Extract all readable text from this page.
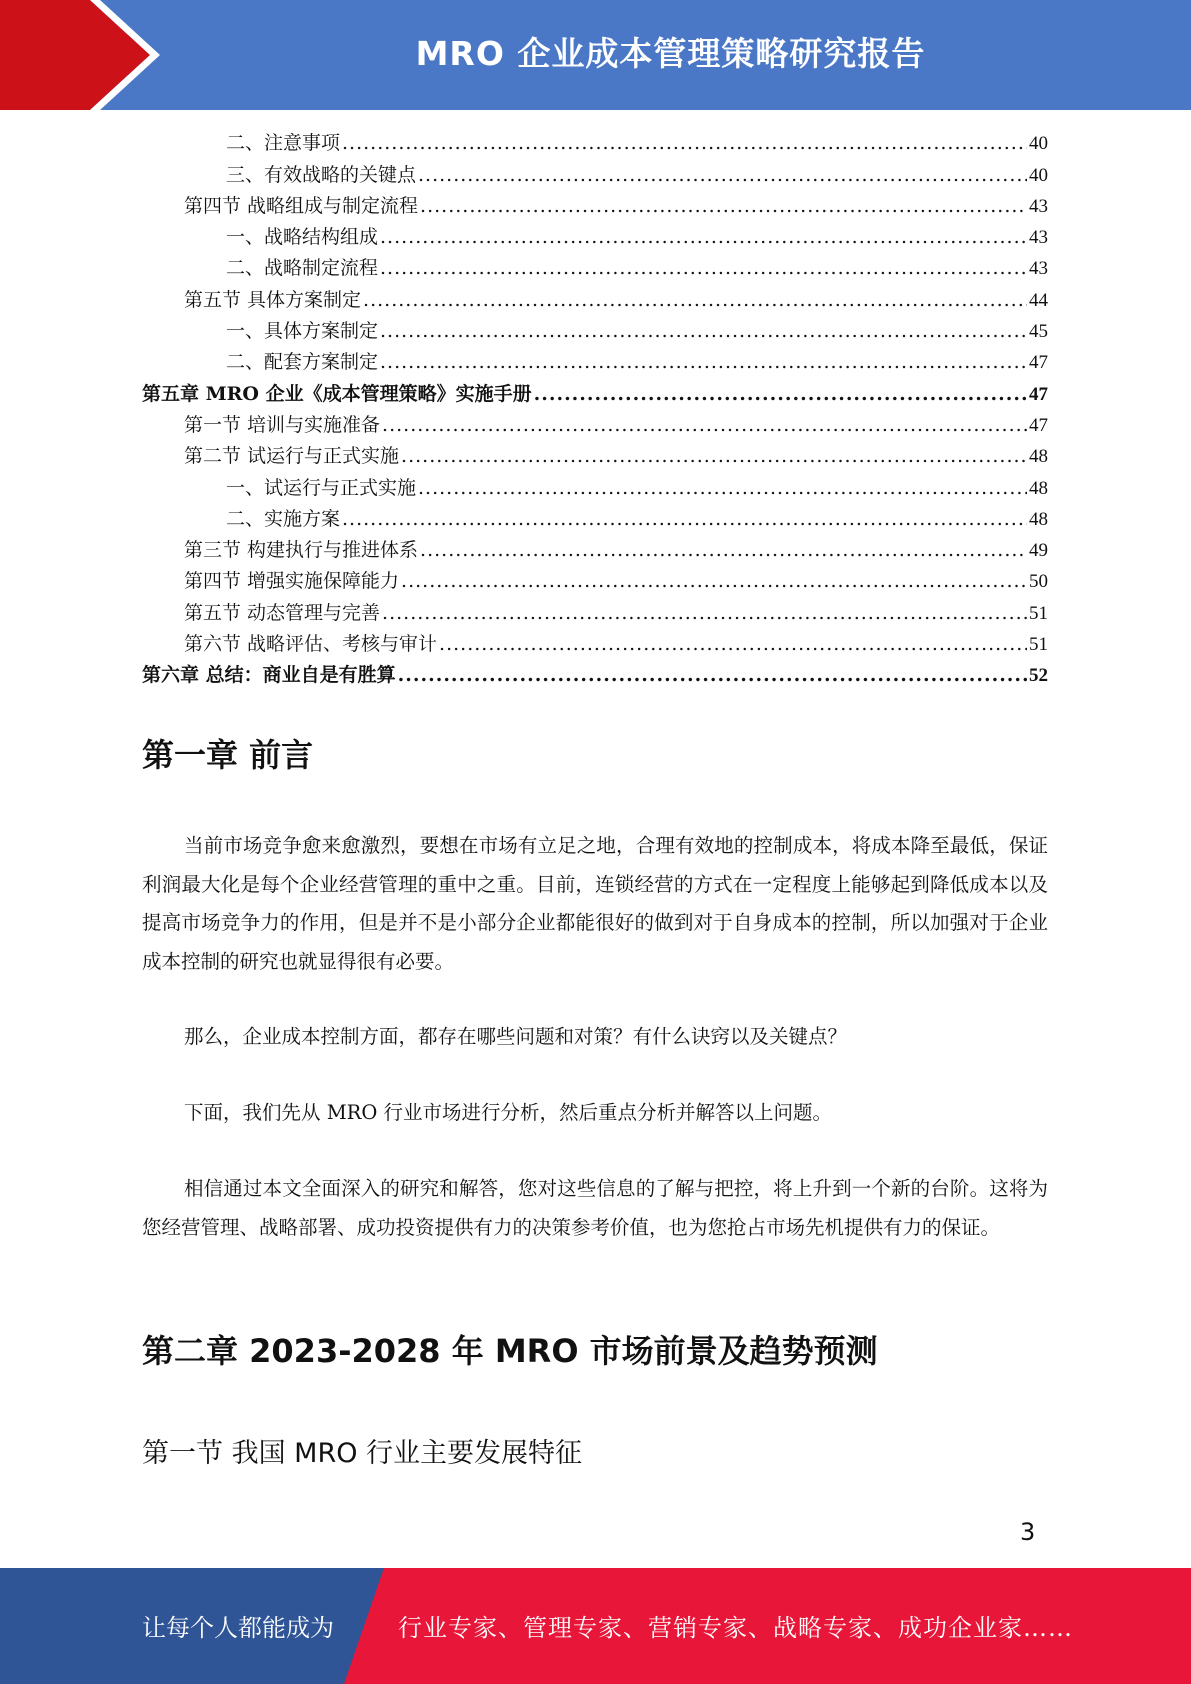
MRO 企业成本管理策略研究报告
二、注意事项 .....	40
三、有效战略的关键点 .....	40
第四节 战略组成与制定流程 .....	43
一、战略结构组成 .....	43
二、战略制定流程 .....	43
第五节 具体方案制定 .....	44
一、具体方案制定 .....	45
二、配套方案制定 .....	47
第五章 MRO 企业《成本管理策略》实施手册 .....	47
第一节 培训与实施准备 .....	47
第二节 试运行与正式实施 .....	48
一、试运行与正式实施 .....	48
二、实施方案 .....	48
第三节 构建执行与推进体系 .....	49
第四节 增强实施保障能力 .....	50
第五节 动态管理与完善 .....	51
第六节 战略评估、考核与审计 .....	51
第六章 总结：商业自是有胜算 .....	52
第一章 前言
当前市场竞争愈来愈激烈，要想在市场有立足之地，合理有效地的控制成本，将成本降至最低，保证利润最大化是每个企业经营管理的重中之重。目前，连锁经营的方式在一定程度上能够起到降低成本以及提高市场竞争力的作用，但是并不是小部分企业都能很好的做到对于自身成本的控制，所以加强对于企业成本控制的研究也就显得很有必要。
那么，企业成本控制方面，都存在哪些问题和对策？有什么诀窍以及关键点？
下面，我们先从 MRO 行业市场进行分析，然后重点分析并解答以上问题。
相信通过本文全面深入的研究和解答，您对这些信息的了解与把控，将上升到一个新的台阶。这将为您经营管理、战略部署、成功投资提供有力的决策参考价值，也为您抢占市场先机提供有力的保证。
第二章 2023-2028 年 MRO 市场前景及趋势预测
第一节 我国 MRO 行业主要发展特征
3
让每个人都能成为	行业专家、管理专家、营销专家、战略专家、成功企业家……
